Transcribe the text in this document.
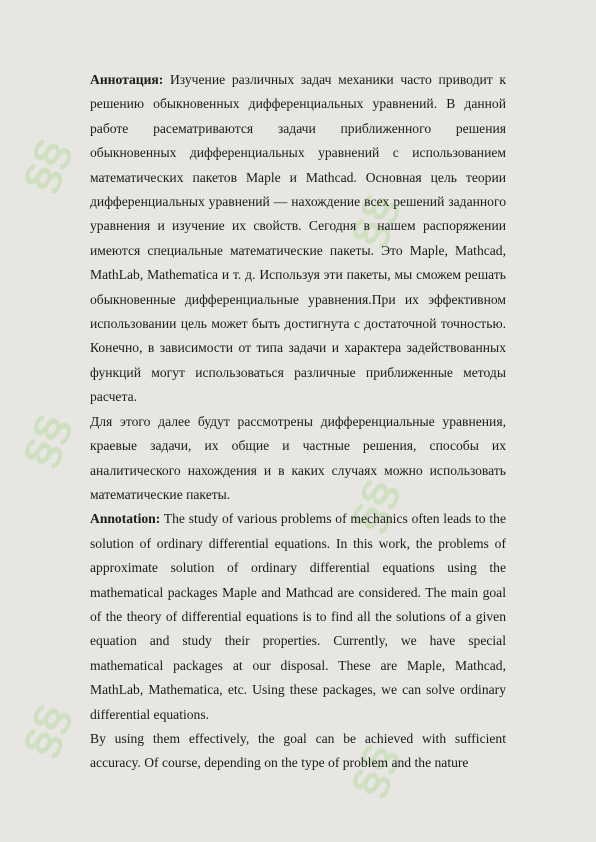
§§
§§
§§
§§
§§
§§

Аннотация: Изучение различных задач механики часто приводит к решению обыкновенных дифференциальных уравнений. В данной работе расематриваются задачи приближенного решения обыкновенных дифференциальных уравнений с использованием математических пакетов Maple и Mathcad. Основная цель теории дифференциальных уравнений — нахождение всех решений заданного уравнения и изучение их свойств. Сегодня в нашем распоряжении имеются специальные математические пакеты. Это Maple, Mathcad, MathLab, Mathematica и т. д. Используя эти пакеты, мы сможем решать обыкновенные дифференциальные уравнения.При их эффективном использовании цель может быть достигнута с достаточной точностью. Конечно, в зависимости от типа задачи и характера задействованных функций могут использоваться различные приближенные методы расчета.

Для этого далее будут рассмотрены дифференциальные уравнения, краевые задачи, их общие и частные решения, способы их аналитического нахождения и в каких случаях можно использовать математические пакеты.

Annotation: The study of various problems of mechanics often leads to the solution of ordinary differential equations. In this work, the problems of approximate solution of ordinary differential equations using the mathematical packages Maple and Mathcad are considered. The main goal of the theory of differential equations is to find all the solutions of a given equation and study their properties. Currently, we have special mathematical packages at our disposal. These are Maple, Mathcad, MathLab, Mathematica, etc. Using these packages, we can solve ordinary differential equations.

By using them effectively, the goal can be achieved with sufficient accuracy. Of course, depending on the type of problem and the nature
